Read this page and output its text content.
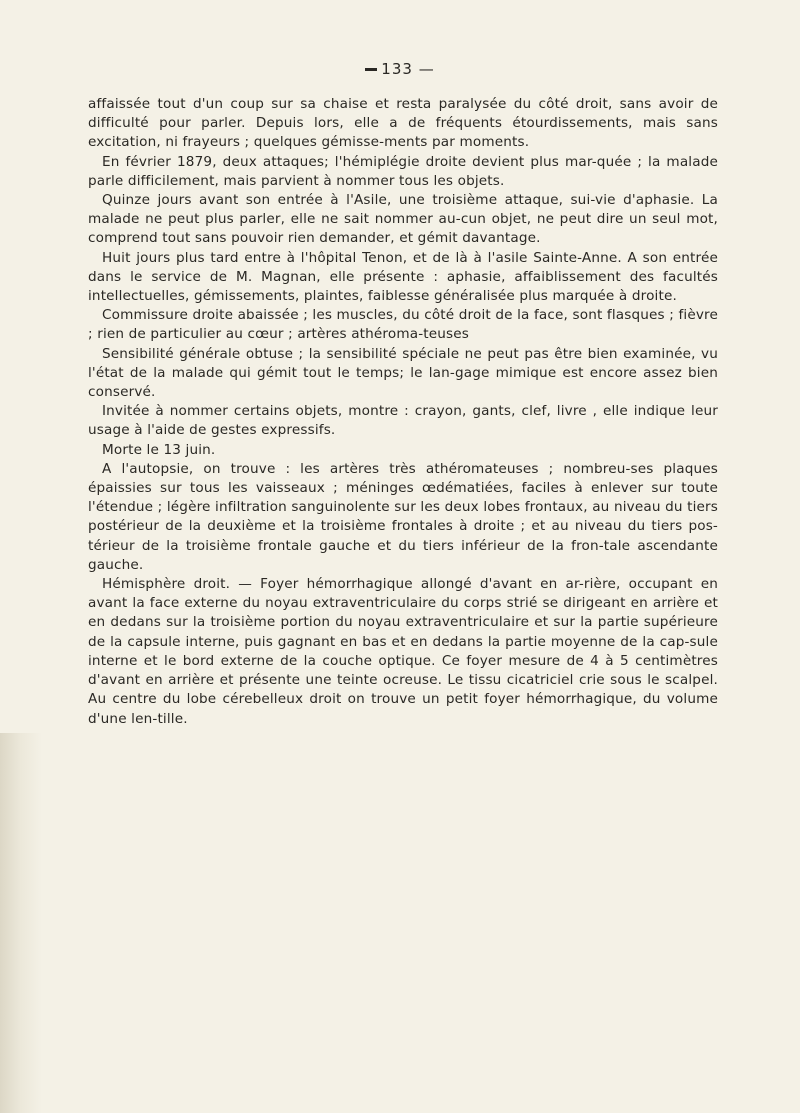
133 —

affaissée tout d'un coup sur sa chaise et resta paralysée du côté droit, sans avoir de difficulté pour parler. Depuis lors, elle a de fréquents étourdissements, mais sans excitation, ni frayeurs ; quelques gémisse-ments par moments.

En février 1879, deux attaques; l'hémiplégie droite devient plus mar-quée ; la malade parle difficilement, mais parvient à nommer tous les objets.

Quinze jours avant son entrée à l'Asile, une troisième attaque, sui-vie d'aphasie. La malade ne peut plus parler, elle ne sait nommer au-cun objet, ne peut dire un seul mot, comprend tout sans pouvoir rien demander, et gémit davantage.

Huit jours plus tard entre à l'hôpital Tenon, et de là à l'asile Sainte-Anne. A son entrée dans le service de M. Magnan, elle présente : aphasie, affaiblissement des facultés intellectuelles, gémissements, plaintes, faiblesse généralisée plus marquée à droite.

Commissure droite abaissée ; les muscles, du côté droit de la face, sont flasques ; fièvre ; rien de particulier au cœur ; artères athéroma-teuses

Sensibilité générale obtuse ; la sensibilité spéciale ne peut pas être bien examinée, vu l'état de la malade qui gémit tout le temps; le lan-gage mimique est encore assez bien conservé.

Invitée à nommer certains objets, montre : crayon, gants, clef, livre , elle indique leur usage à l'aide de gestes expressifs.

Morte le 13 juin.

A l'autopsie, on trouve : les artères très athéromateuses ; nombreu-ses plaques épaissies sur tous les vaisseaux ; méninges œdématiées, faciles à enlever sur toute l'étendue ; légère infiltration sanguinolente sur les deux lobes frontaux, au niveau du tiers postérieur de la deuxième et la troisième frontales à droite ; et au niveau du tiers pos-térieur de la troisième frontale gauche et du tiers inférieur de la fron-tale ascendante gauche.

Hémisphère droit. — Foyer hémorrhagique allongé d'avant en ar-rière, occupant en avant la face externe du noyau extraventriculaire du corps strié se dirigeant en arrière et en dedans sur la troisième portion du noyau extraventriculaire et sur la partie supérieure de la capsule interne, puis gagnant en bas et en dedans la partie moyenne de la cap-sule interne et le bord externe de la couche optique. Ce foyer mesure de 4 à 5 centimètres d'avant en arrière et présente une teinte ocreuse. Le tissu cicatriciel crie sous le scalpel. Au centre du lobe cérebelleux droit on trouve un petit foyer hémorrhagique, du volume d'une len-tille.
